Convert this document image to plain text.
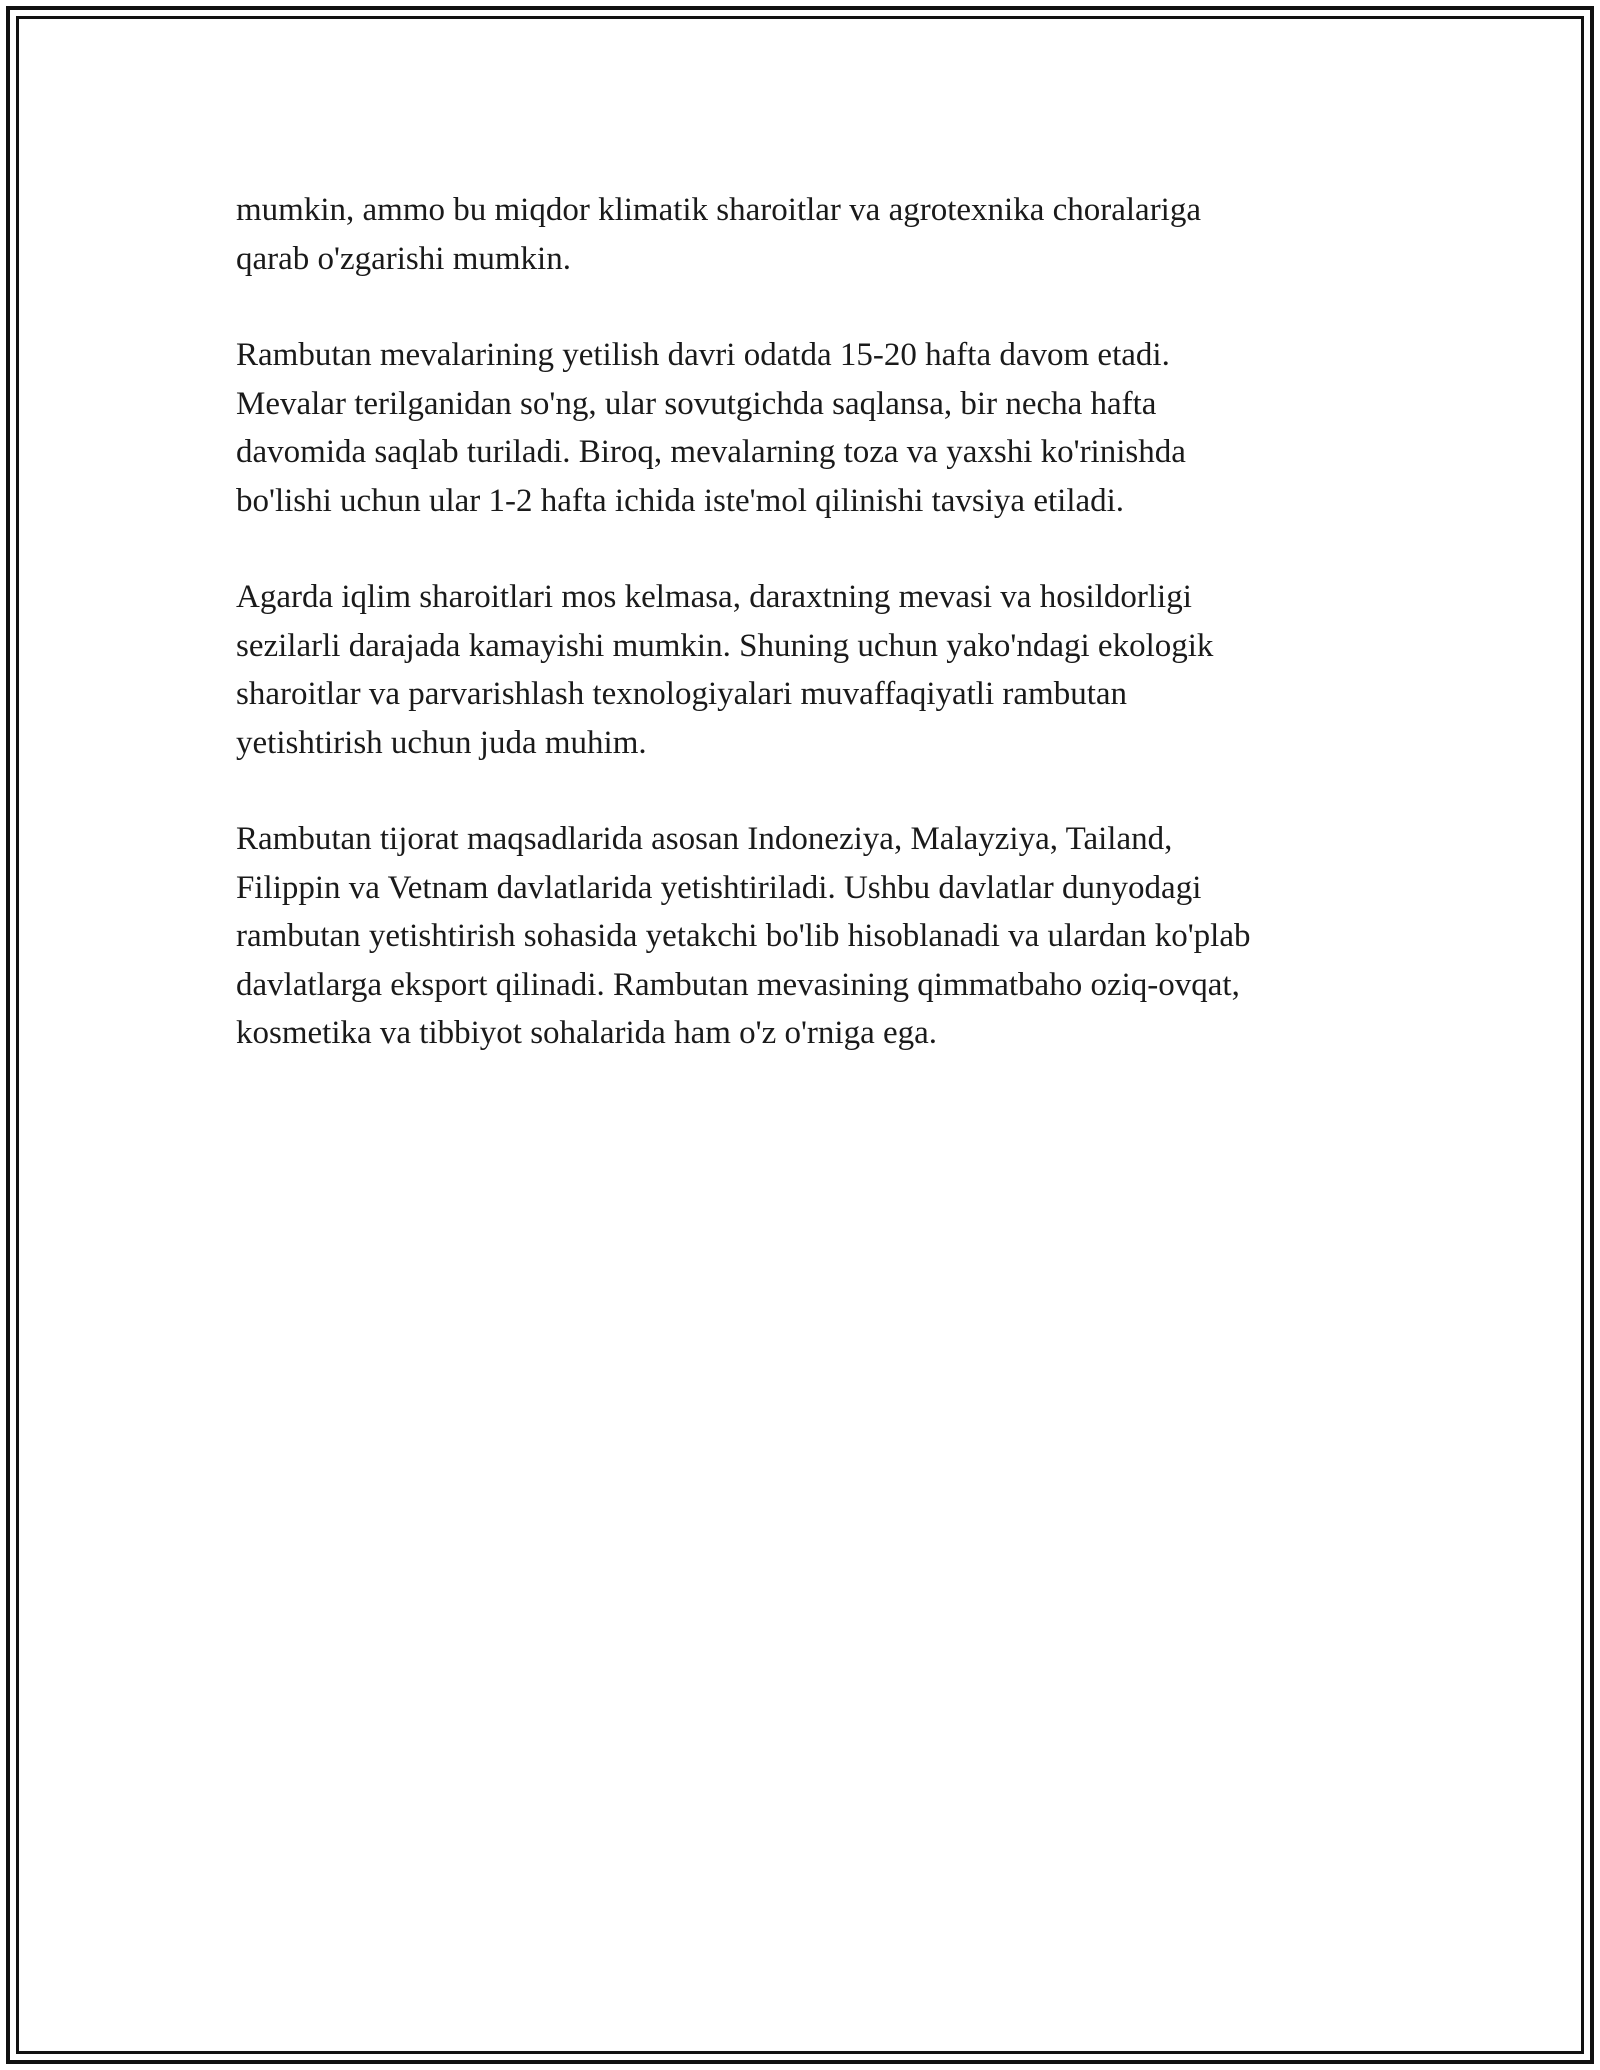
mumkin, ammo bu miqdor klimatik sharoitlar va agrotexnika choralariga
qarab o'zgarishi mumkin.

Rambutan mevalarining yetilish davri odatda 15-20 hafta davom etadi.
Mevalar terilganidan so'ng, ular sovutgichda saqlansa, bir necha hafta
davomida saqlab turiladi. Biroq, mevalarning toza va yaxshi ko'rinishda
bo'lishi uchun ular 1-2 hafta ichida iste'mol qilinishi tavsiya etiladi.

Agarda iqlim sharoitlari mos kelmasa, daraxtning mevasi va hosildorligi
sezilarli darajada kamayishi mumkin. Shuning uchun yako'ndagi ekologik
sharoitlar va parvarishlash texnologiyalari muvaffaqiyatli rambutan
yetishtirish uchun juda muhim.

Rambutan tijorat maqsadlarida asosan Indoneziya, Malayziya, Tailand,
Filippin va Vetnam davlatlarida yetishtiriladi. Ushbu davlatlar dunyodagi
rambutan yetishtirish sohasida yetakchi bo'lib hisoblanadi va ulardan ko'plab
davlatlarga eksport qilinadi. Rambutan mevasining qimmatbaho oziq-ovqat,
kosmetika va tibbiyot sohalarida ham o'z o'rniga ega.
